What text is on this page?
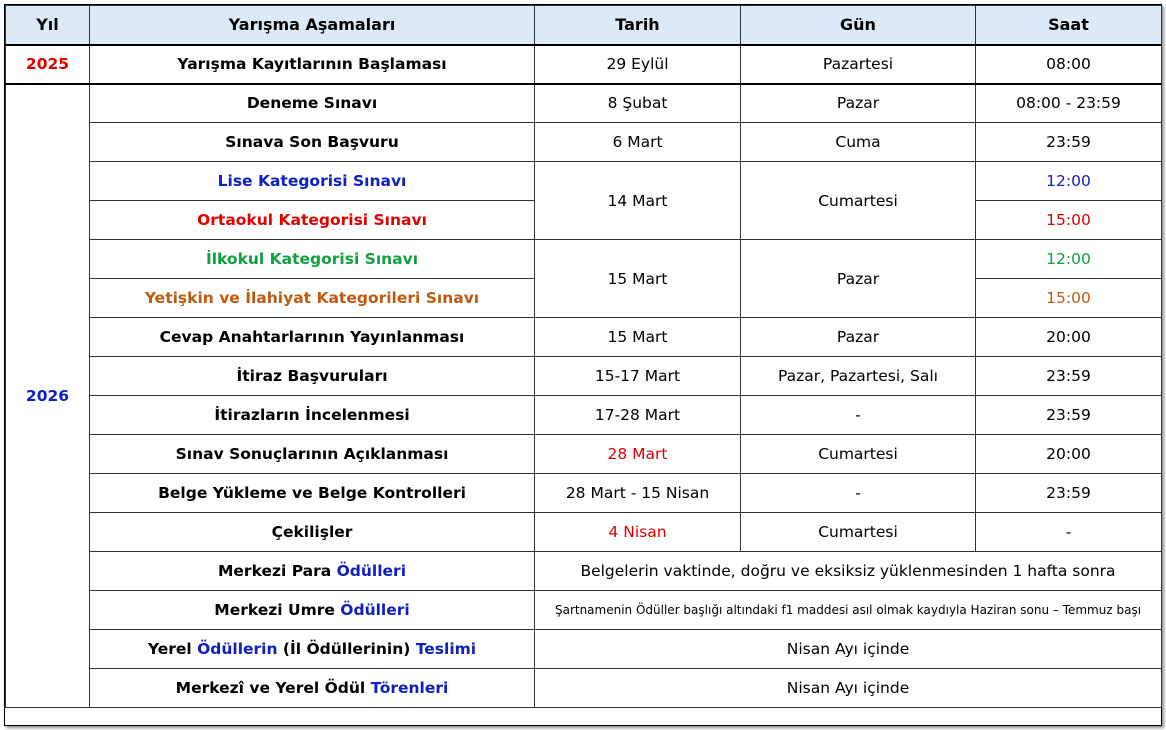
Yıl	Yarışma Aşamaları	Tarih	Gün	Saat
2025	Yarışma Kayıtlarının Başlaması	29 Eylül	Pazartesi	08:00
2026	Deneme Sınavı	8 Şubat	Pazar	08:00 - 23:59
	Sınava Son Başvuru	6 Mart	Cuma	23:59
	Lise Kategorisi Sınavı	14 Mart	Cumartesi	12:00
	Ortaokul Kategorisi Sınavı			15:00
	İlkokul Kategorisi Sınavı	15 Mart	Pazar	12:00
	Yetişkin ve İlahiyat Kategorileri Sınavı			15:00
	Cevap Anahtarlarının Yayınlanması	15 Mart	Pazar	20:00
	İtiraz Başvuruları	15-17 Mart	Pazar, Pazartesi, Salı	23:59
	İtirazların İncelenmesi	17-28 Mart	-	23:59
	Sınav Sonuçlarının Açıklanması	28 Mart	Cumartesi	20:00
	Belge Yükleme ve Belge Kontrolleri	28 Mart - 15 Nisan	-	23:59
	Çekilişler	4 Nisan	Cumartesi	-
	Merkezi Para Ödülleri	Belgelerin vaktinde, doğru ve eksiksiz yüklenmesinden 1 hafta sonra		
	Merkezi Umre Ödülleri	Şartnamenin Ödüller başlığı altındaki f1 maddesi asıl olmak kaydıyla Haziran sonu – Temmuz başı		
	Yerel Ödüllerin (İl Ödüllerinin) Teslimi	Nisan Ayı içinde		
	Merkezî ve Yerel Ödül Törenleri	Nisan Ayı içinde		
